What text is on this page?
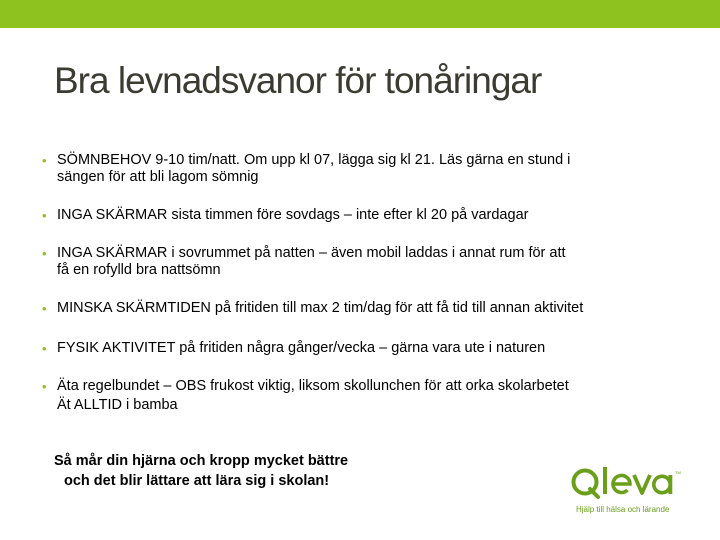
Bra levnadsvanor för tonåringar
• SÖMNBEHOV 9-10 tim/natt. Om upp kl 07, lägga sig kl 21. Läs gärna en stund i
sängen för att bli lagom sömnig
• INGA SKÄRMAR sista timmen före sovdags – inte efter kl 20 på vardagar
• INGA SKÄRMAR i sovrummet på natten – även mobil laddas i annat rum för att
få en rofylld bra nattsömn
• MINSKA SKÄRMTIDEN på fritiden till max 2 tim/dag för att få tid till annan aktivitet
• FYSIK AKTIVITET på fritiden några gånger/vecka – gärna vara ute i naturen
• Äta regelbundet – OBS frukost viktig, liksom skollunchen för att orka skolarbetet
Ät ALLTID i bamba
Så mår din hjärna och kropp mycket bättre
och det blir lättare att lära sig i skolan!
TM
Hjälp till hälsa och lärande
